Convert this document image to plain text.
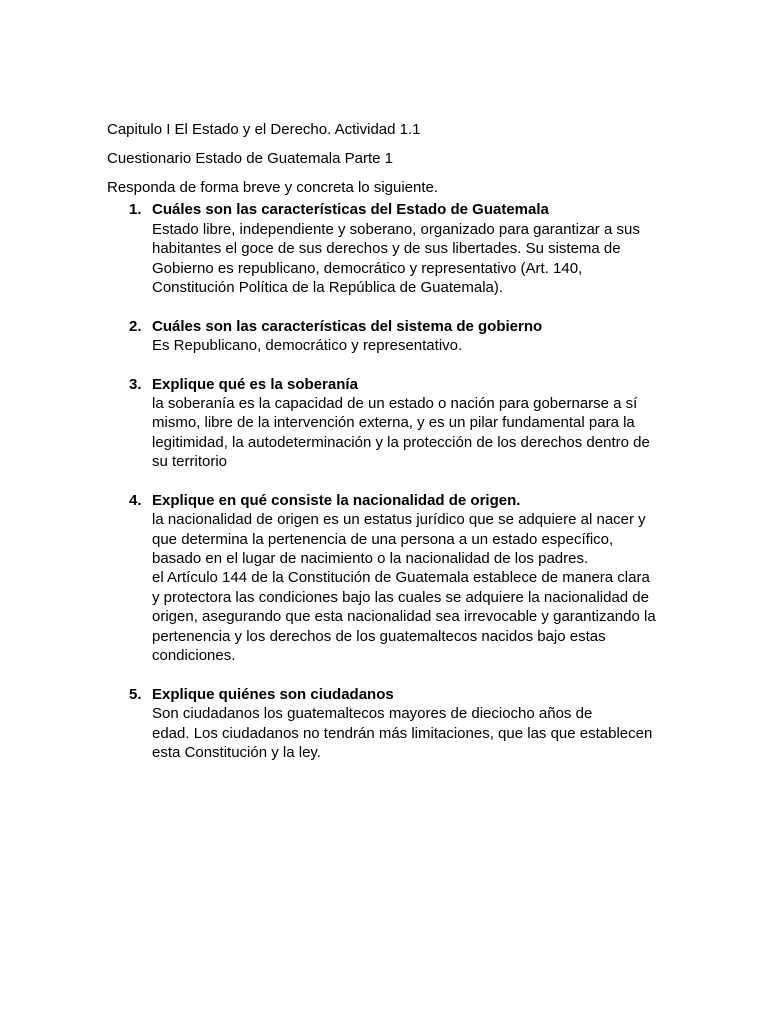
Capitulo I El Estado y el Derecho. Actividad 1.1

Cuestionario Estado de Guatemala Parte 1

Responda de forma breve y concreta lo siguiente.

1. Cuáles son las características del Estado de Guatemala

Estado libre, independiente y soberano, organizado para garantizar a sus
habitantes el goce de sus derechos y de sus libertades. Su sistema de
Gobierno es republicano, democrático y representativo (Art. 140,
Constitución Política de la República de Guatemala).

2. Cuáles son las características del sistema de gobierno

Es Republicano, democrático y representativo.

3. Explique qué es la soberanía

la soberanía es la capacidad de un estado o nación para gobernarse a sí
mismo, libre de la intervención externa, y es un pilar fundamental para la
legitimidad, la autodeterminación y la protección de los derechos dentro de
su territorio

4. Explique en qué consiste la nacionalidad de origen.

la nacionalidad de origen es un estatus jurídico que se adquiere al nacer y
que determina la pertenencia de una persona a un estado específico,
basado en el lugar de nacimiento o la nacionalidad de los padres.
el Artículo 144 de la Constitución de Guatemala establece de manera clara
y protectora las condiciones bajo las cuales se adquiere la nacionalidad de
origen, asegurando que esta nacionalidad sea irrevocable y garantizando la
pertenencia y los derechos de los guatemaltecos nacidos bajo estas
condiciones.

5. Explique quiénes son ciudadanos

Son ciudadanos los guatemaltecos mayores de dieciocho años de
edad. Los ciudadanos no tendrán más limitaciones, que las que establecen
esta Constitución y la ley.
